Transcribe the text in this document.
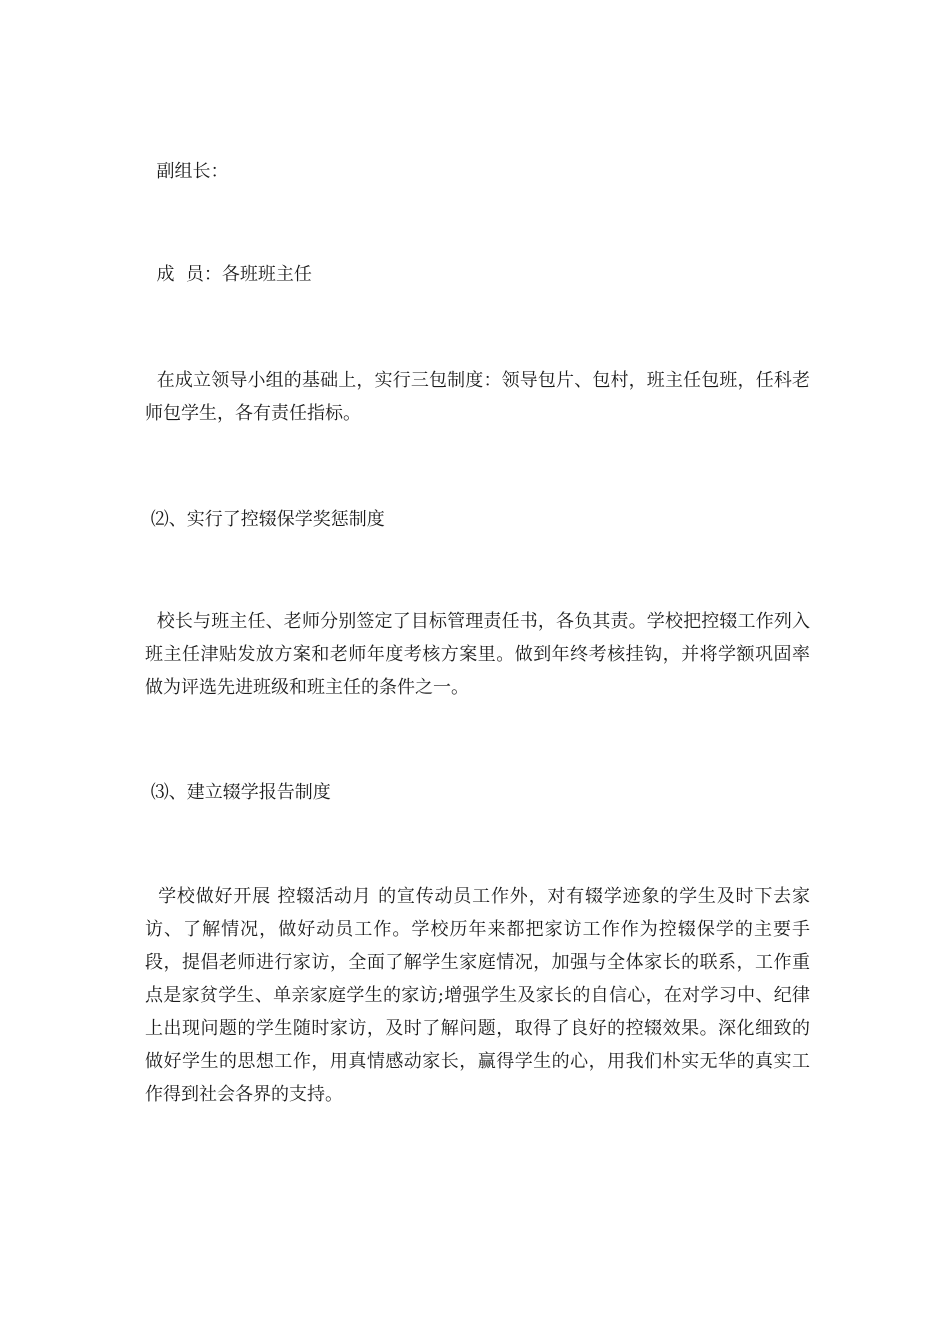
副组长：

成  员：各班班主任

在成立领导小组的基础上，实行三包制度：领导包片、包村，班主任包班，任科老师包学生，各有责任指标。

⑵、实行了控辍保学奖惩制度

校长与班主任、老师分别签定了目标管理责任书，各负其责。学校把控辍工作列入班主任津贴发放方案和老师年度考核方案里。做到年终考核挂钩，并将学额巩固率做为评选先进班级和班主任的条件之一。

⑶、建立辍学报告制度

学校做好开展 控辍活动月 的宣传动员工作外，对有辍学迹象的学生及时下去家访、了解情况，做好动员工作。学校历年来都把家访工作作为控辍保学的主要手段，提倡老师进行家访，全面了解学生家庭情况，加强与全体家长的联系，工作重点是家贫学生、单亲家庭学生的家访;增强学生及家长的自信心，在对学习中、纪律上出现问题的学生随时家访，及时了解问题，取得了良好的控辍效果。深化细致的做好学生的思想工作，用真情感动家长，赢得学生的心，用我们朴实无华的真实工作得到社会各界的支持。
